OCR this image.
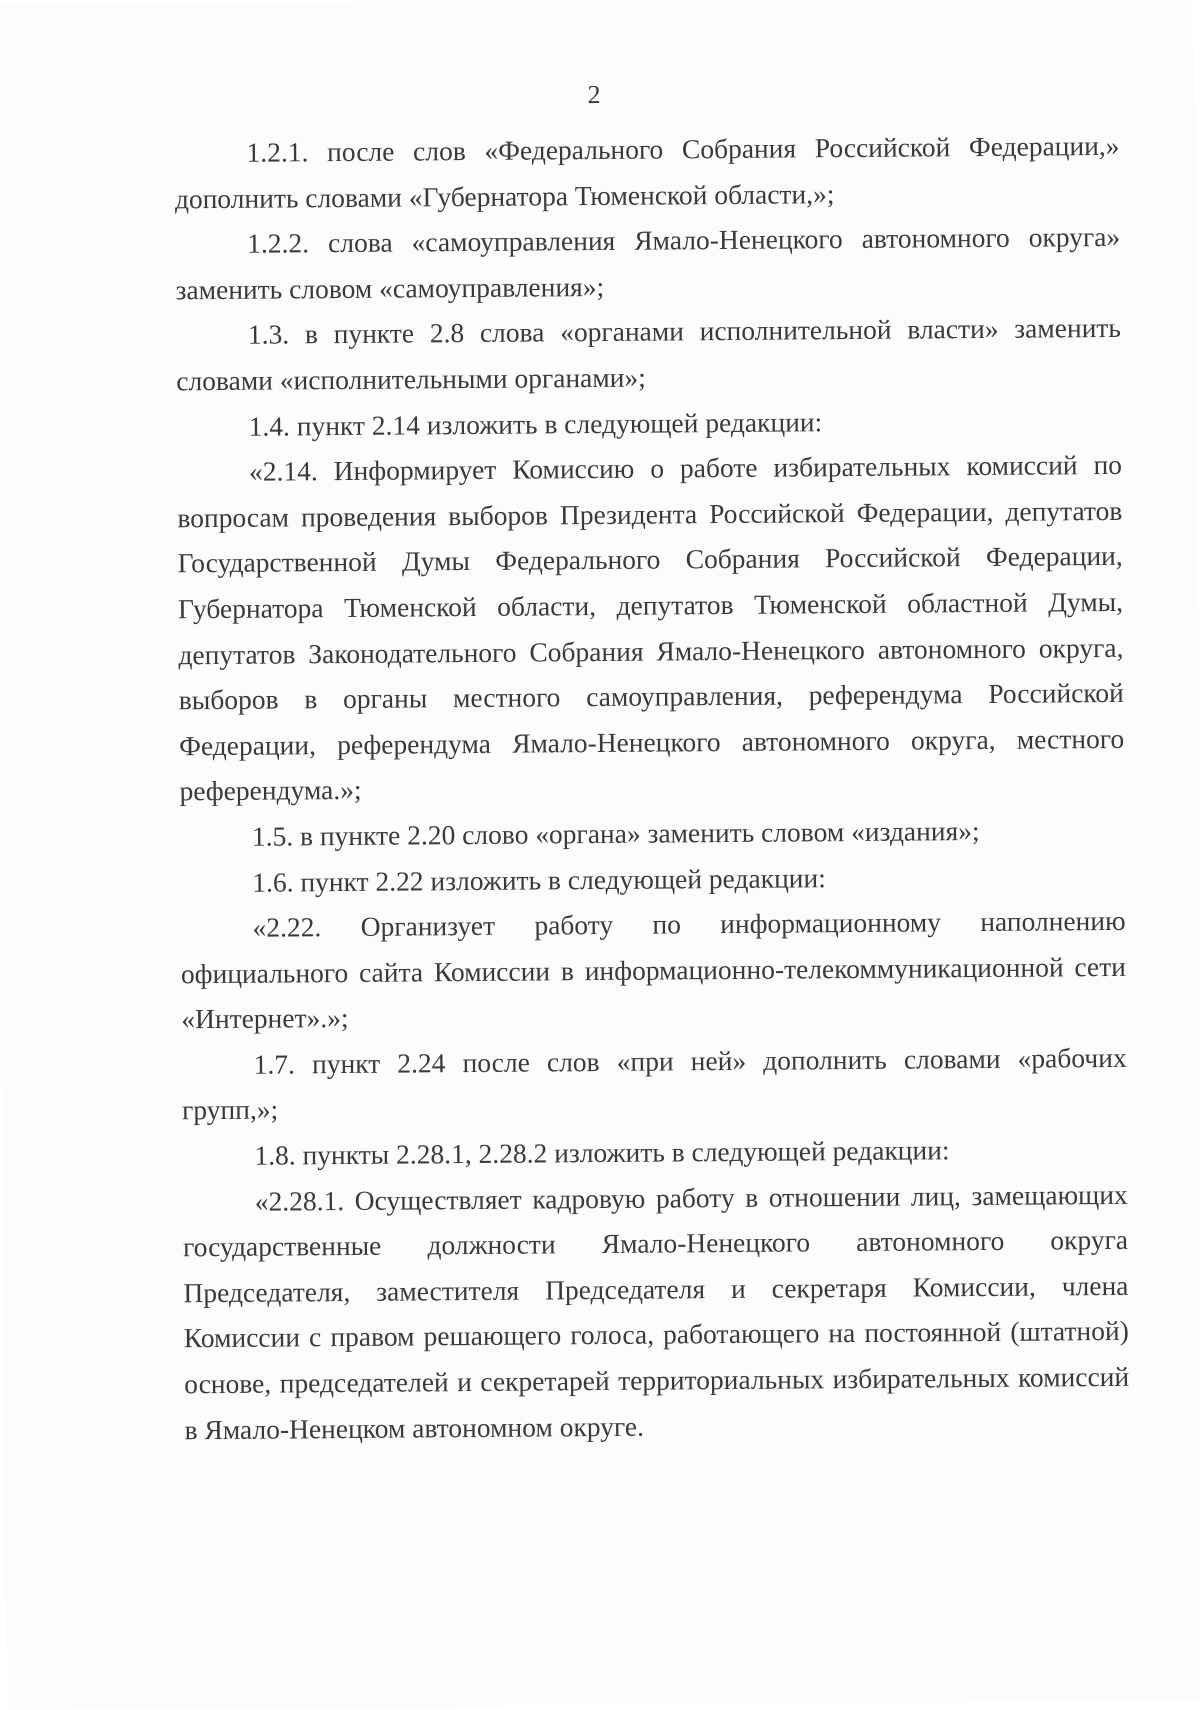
2

1.2.1. после слов «Федерального Собрания Российской Федерации,» дополнить словами «Губернатора Тюменской области,»;

1.2.2. слова «самоуправления Ямало-Ненецкого автономного округа» заменить словом «самоуправления»;

1.3. в пункте 2.8 слова «органами исполнительной власти» заменить словами «исполнительными органами»;

1.4. пункт 2.14 изложить в следующей редакции:

«2.14. Информирует Комиссию о работе избирательных комиссий по вопросам проведения выборов Президента Российской Федерации, депутатов Государственной Думы Федерального Собрания Российской Федерации, Губернатора Тюменской области, депутатов Тюменской областной Думы, депутатов Законодательного Собрания Ямало-Ненецкого автономного округа, выборов в органы местного самоуправления, референдума Российской Федерации, референдума Ямало-Ненецкого автономного округа, местного референдума.»;

1.5. в пункте 2.20 слово «органа» заменить словом «издания»;

1.6. пункт 2.22 изложить в следующей редакции:

«2.22. Организует работу по информационному наполнению официального сайта Комиссии в информационно-телекоммуникационной сети «Интернет».»;

1.7. пункт 2.24 после слов «при ней» дополнить словами «рабочих групп,»;

1.8. пункты 2.28.1, 2.28.2 изложить в следующей редакции:

«2.28.1. Осуществляет кадровую работу в отношении лиц, замещающих государственные должности Ямало-Ненецкого автономного округа Председателя, заместителя Председателя и секретаря Комиссии, члена Комиссии с правом решающего голоса, работающего на постоянной (штатной) основе, председателей и секретарей территориальных избирательных комиссий в Ямало-Ненецком автономном округе.
